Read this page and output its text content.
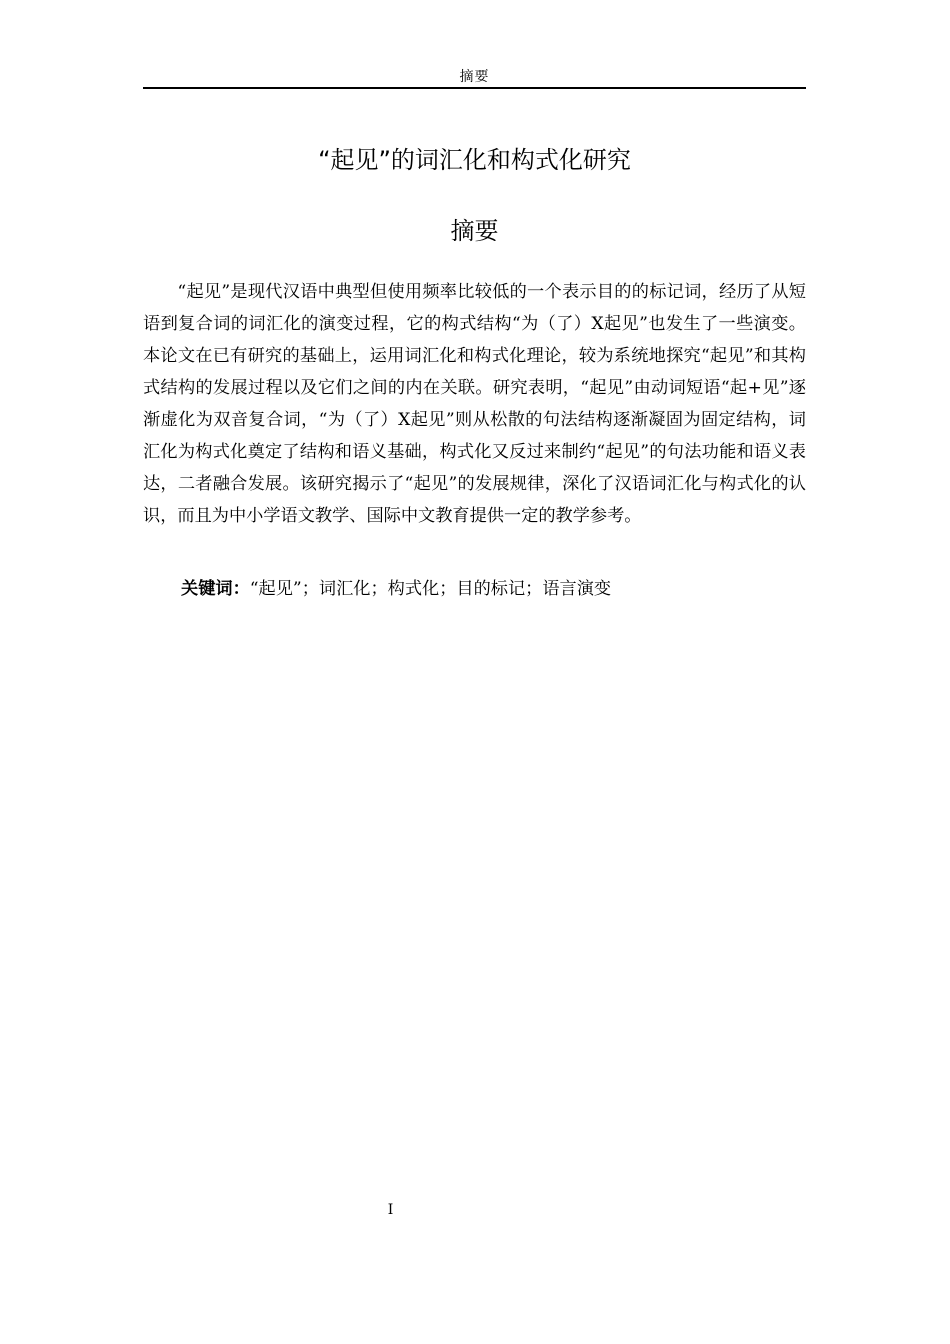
摘要
“起见”的词汇化和构式化研究
摘要

“起见”是现代汉语中典型但使用频率比较低的一个表示目的的标记词，经历了从短语到复合词的词汇化的演变过程，它的构式结构“为（了）X起见”也发生了一些演变。本论文在已有研究的基础上，运用词汇化和构式化理论，较为系统地探究“起见”和其构式结构的发展过程以及它们之间的内在关联。研究表明，“起见”由动词短语“起+见”逐渐虚化为双音复合词，“为（了）X起见”则从松散的句法结构逐渐凝固为固定结构，词汇化为构式化奠定了结构和语义基础，构式化又反过来制约“起见”的句法功能和语义表达，二者融合发展。该研究揭示了“起见”的发展规律，深化了汉语词汇化与构式化的认识，而且为中小学语文教学、国际中文教育提供一定的教学参考。

关键词：“起见”；词汇化；构式化；目的标记；语言演变

I
